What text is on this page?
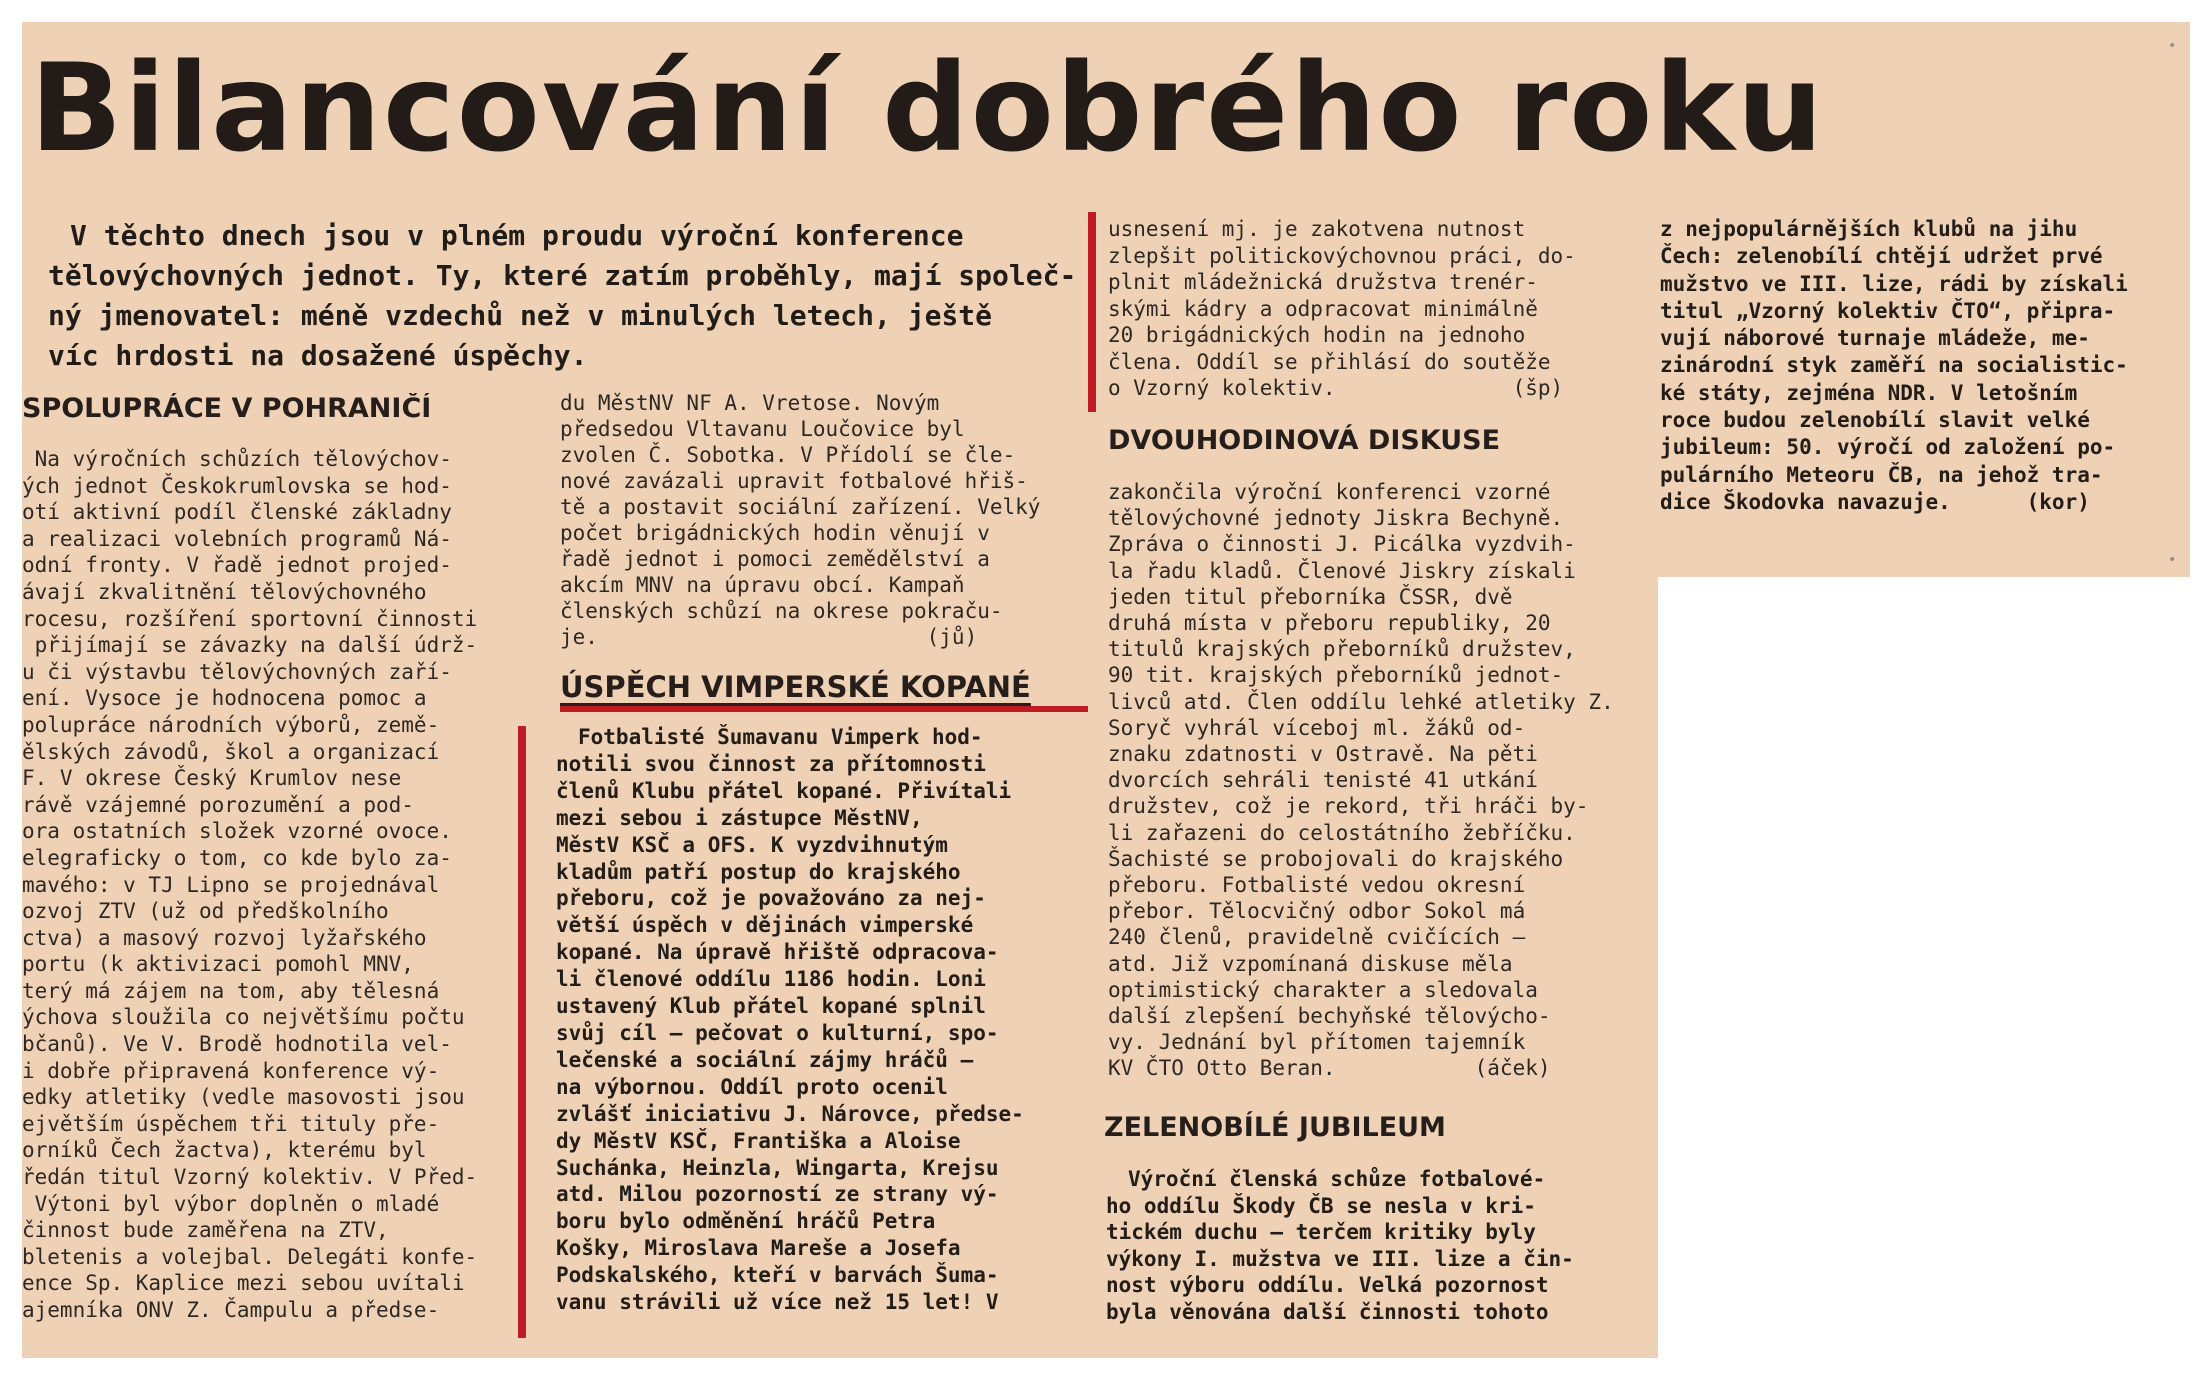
•
•
Bilancování dobrého roku

V těchto dnech jsou v plném proudu výroční konference

tělovýchovných jednot. Ty, které zatím proběhly, mají společ-

ný jmenovatel: méně vzdechů než v minulých letech, ještě

víc hrdosti na dosažené úspěchy.

SPOLUPRÁCE V POHRANIČÍ

Na výročních schůzích tělovýchov-

ých jednot Českokrumlovska se hod-

otí aktivní podíl členské základny

a realizaci volebních programů Ná-

odní fronty. V řadě jednot projed-

ávají zkvalitnění tělovýchovného

rocesu, rozšíření sportovní činnosti

přijímají se závazky na další údrž-

u či výstavbu tělovýchovných zaří-

ení. Vysoce je hodnocena pomoc a

polupráce národních výborů, země-

ělských závodů, škol a organizací

F. V okrese Český Krumlov nese

rávě vzájemné porozumění a pod-

ora ostatních složek vzorné ovoce.

elegraficky o tom, co kde bylo za-

mavého: v TJ Lipno se projednával

ozvoj ZTV (už od předškolního

ctva) a masový rozvoj lyžařského

portu (k aktivizaci pomohl MNV,

terý má zájem na tom, aby tělesná

ýchova sloužila co největšímu počtu

bčanů). Ve V. Brodě hodnotila vel-

i dobře připravená konference vý-

edky atletiky (vedle masovosti jsou

ejvětším úspěchem tři tituly pře-

orníků Čech žactva), kterému byl

ředán titul Vzorný kolektiv. V Před-

Výtoni byl výbor doplněn o mladé

činnost bude zaměřena na ZTV,

bletenis a volejbal. Delegáti konfe-

ence Sp. Kaplice mezi sebou uvítali

ajemníka ONV Z. Čampulu a předse-

du MěstNV NF A. Vretose. Novým

předsedou Vltavanu Loučovice byl

zvolen Č. Sobotka. V Přídolí se čle-

nové zavázali upravit fotbalové hřiš-

tě a postavit sociální zařízení. Velký

počet brigádnických hodin věnují v

řadě jednot i pomoci zemědělství a

akcím MNV na úpravu obcí. Kampaň

členských schůzí na okrese pokraču-

je.                          (jů)

ÚSPĚCH VIMPERSKÉ KOPANÉ

Fotbalisté Šumavanu Vimperk hod-

notili svou činnost za přítomnosti

členů Klubu přátel kopané. Přivítali

mezi sebou i zástupce MěstNV,

MěstV KSČ a OFS. K vyzdvihnutým

kladům patří postup do krajského

přeboru, což je považováno za nej-

větší úspěch v dějinách vimperské

kopané. Na úpravě hřiště odpracova-

li členové oddílu 1186 hodin. Loni

ustavený Klub přátel kopané splnil

svůj cíl — pečovat o kulturní, spo-

lečenské a sociální zájmy hráčů —

na výbornou. Oddíl proto ocenil

zvlášť iniciativu J. Nárovce, předse-

dy MěstV KSČ, Františka a Aloise

Suchánka, Heinzla, Wingarta, Krejsu

atd. Milou pozorností ze strany vý-

boru bylo odměnění hráčů Petra

Košky, Miroslava Mareše a Josefa

Podskalského, kteří v barvách Šuma-

vanu strávili už více než 15 let! V

usnesení mj. je zakotvena nutnost

zlepšit politickovýchovnou práci, do-

plnit mládežnická družstva trenér-

skými kádry a odpracovat minimálně

20 brigádnických hodin na jednoho

člena. Oddíl se přihlásí do soutěže

o Vzorný kolektiv.              (šp)

DVOUHODINOVÁ DISKUSE

zakončila výroční konferenci vzorné

tělovýchovné jednoty Jiskra Bechyně.

Zpráva o činnosti J. Picálka vyzdvih-

la řadu kladů. Členové Jiskry získali

jeden titul přeborníka ČSSR, dvě

druhá místa v přeboru republiky, 20

titulů krajských přeborníků družstev,

90 tit. krajských přeborníků jednot-

livců atd. Člen oddílu lehké atletiky Z.

Soryč vyhrál víceboj ml. žáků od-

znaku zdatnosti v Ostravě. Na pěti

dvorcích sehráli tenisté 41 utkání

družstev, což je rekord, tři hráči by-

li zařazeni do celostátního žebříčku.

Šachisté se probojovali do krajského

přeboru. Fotbalisté vedou okresní

přebor. Tělocvičný odbor Sokol má

240 členů, pravidelně cvičících —

atd. Již vzpomínaná diskuse měla

optimistický charakter a sledovala

další zlepšení bechyňské tělovýcho-

vy. Jednání byl přítomen tajemník

KV ČTO Otto Beran.           (áček)

ZELENOBÍLÉ JUBILEUM

Výroční členská schůze fotbalové-

ho oddílu Škody ČB se nesla v kri-

tickém duchu — terčem kritiky byly

výkony I. mužstva ve III. lize a čin-

nost výboru oddílu. Velká pozornost

byla věnována další činnosti tohoto

z nejpopulárnějších klubů na jihu

Čech: zelenobílí chtějí udržet prvé

mužstvo ve III. lize, rádi by získali

titul „Vzorný kolektiv ČTO“, připra-

vují náborové turnaje mládeže, me-

zinárodní styk zaměří na socialistic-

ké státy, zejména NDR. V letošním

roce budou zelenobílí slavit velké

jubileum: 50. výročí od založení po-

pulárního Meteoru ČB, na jehož tra-

dice Škodovka navazuje.      (kor)
